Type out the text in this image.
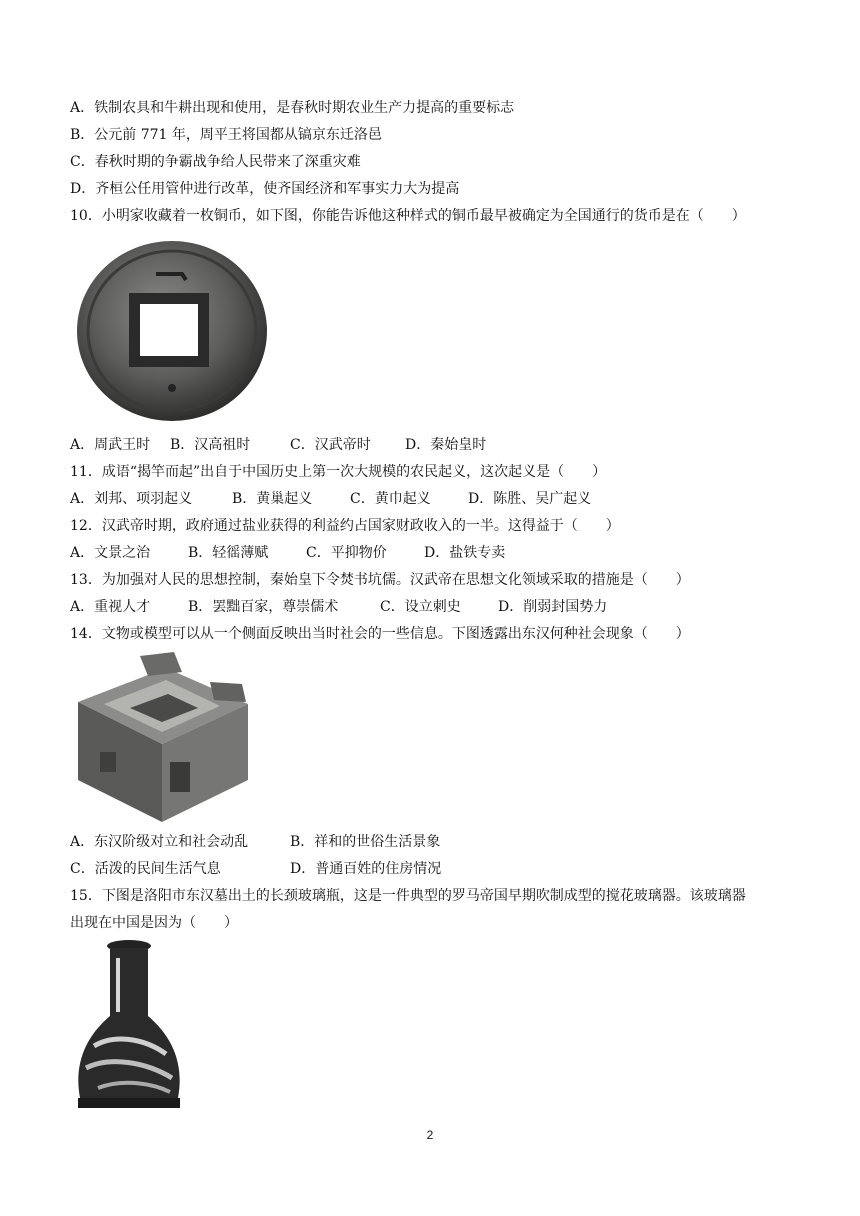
A．铁制农具和牛耕出现和使用，是春秋时期农业生产力提高的重要标志
B．公元前 771 年，周平王将国都从镐京东迁洛邑
C．春秋时期的争霸战争给人民带来了深重灾难
D．齐桓公任用管仲进行改革，使齐国经济和军事实力大为提高
10．小明家收藏着一枚铜币，如下图，你能告诉他这种样式的铜币最早被确定为全国通行的货币是在（　　）
A．周武王时 B．汉高祖时	C．汉武帝时 D．秦始皇时
11．成语“揭竿而起”出自于中国历史上第一次大规模的农民起义，这次起义是（　　）
A．刘邦、项羽起义	B．黄巢起义	C．黄巾起义	D．陈胜、吴广起义
12．汉武帝时期，政府通过盐业获得的利益约占国家财政收入的一半。这得益于（　　）
A．文景之治	B．轻徭薄赋	C．平抑物价	D．盐铁专卖
13．为加强对人民的思想控制，秦始皇下令焚书坑儒。汉武帝在思想文化领域采取的措施是（　　）
A．重视人才	B．罢黜百家，尊崇儒术	C．设立刺史	D．削弱封国势力
14．文物或模型可以从一个侧面反映出当时社会的一些信息。下图透露出东汉何种社会现象（　　）
A．东汉阶级对立和社会动乱	B．祥和的世俗生活景象
C．活泼的民间生活气息	D．普通百姓的住房情况
15．下图是洛阳市东汉墓出土的长颈玻璃瓶，这是一件典型的罗马帝国早期吹制成型的搅花玻璃器。该玻璃器
出现在中国是因为（　　）
2
